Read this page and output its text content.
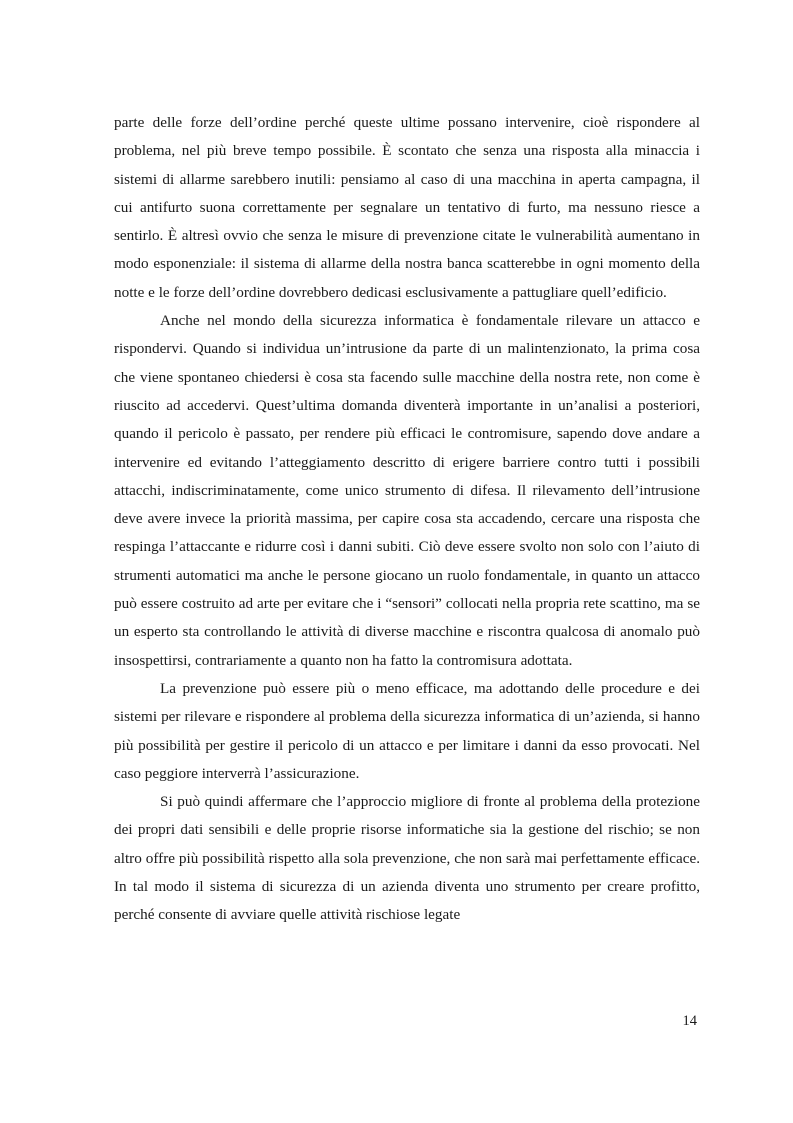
parte delle forze dell’ordine perché queste ultime possano intervenire, cioè rispondere al problema, nel più breve tempo possibile. È scontato che senza una risposta alla minaccia i sistemi di allarme sarebbero inutili: pensiamo al caso di una macchina in aperta campagna, il cui antifurto suona correttamente per segnalare un tentativo di furto, ma nessuno riesce a sentirlo. È altresì ovvio che senza le misure di prevenzione citate le vulnerabilità aumentano in modo esponenziale: il sistema di allarme della nostra banca scatterebbe in ogni momento della notte e le forze dell’ordine dovrebbero dedicasi esclusivamente a pattugliare quell’edificio.

Anche nel mondo della sicurezza informatica è fondamentale rilevare un attacco e rispondervi. Quando si individua un’intrusione da parte di un malintenzionato, la prima cosa che viene spontaneo chiedersi è cosa sta facendo sulle macchine della nostra rete, non come è riuscito ad accedervi. Quest’ultima domanda diventerà importante in un’analisi a posteriori, quando il pericolo è passato, per rendere più efficaci le contromisure, sapendo dove andare a intervenire ed evitando l’atteggiamento descritto di erigere barriere contro tutti i possibili attacchi, indiscriminatamente, come unico strumento di difesa. Il rilevamento dell’intrusione deve avere invece la priorità massima, per capire cosa sta accadendo, cercare una risposta che respinga l’attaccante e ridurre così i danni subiti. Ciò deve essere svolto non solo con l’aiuto di strumenti automatici ma anche le persone giocano un ruolo fondamentale, in quanto un attacco può essere costruito ad arte per evitare che i “sensori” collocati nella propria rete scattino, ma se un esperto sta controllando le attività di diverse macchine e riscontra qualcosa di anomalo può insospettirsi, contrariamente a quanto non ha fatto la contromisura adottata.

La prevenzione può essere più o meno efficace, ma adottando delle procedure e dei sistemi per rilevare e rispondere al problema della sicurezza informatica di un’azienda, si hanno più possibilità per gestire il pericolo di un attacco e per limitare i danni da esso provocati. Nel caso peggiore interverrà l’assicurazione.

Si può quindi affermare che l’approccio migliore di fronte al problema della protezione dei propri dati sensibili e delle proprie risorse informatiche sia la gestione del rischio; se non altro offre più possibilità rispetto alla sola prevenzione, che non sarà mai perfettamente efficace. In tal modo il sistema di sicurezza di un azienda diventa uno strumento per creare profitto, perché consente di avviare quelle attività rischiose legate

14
